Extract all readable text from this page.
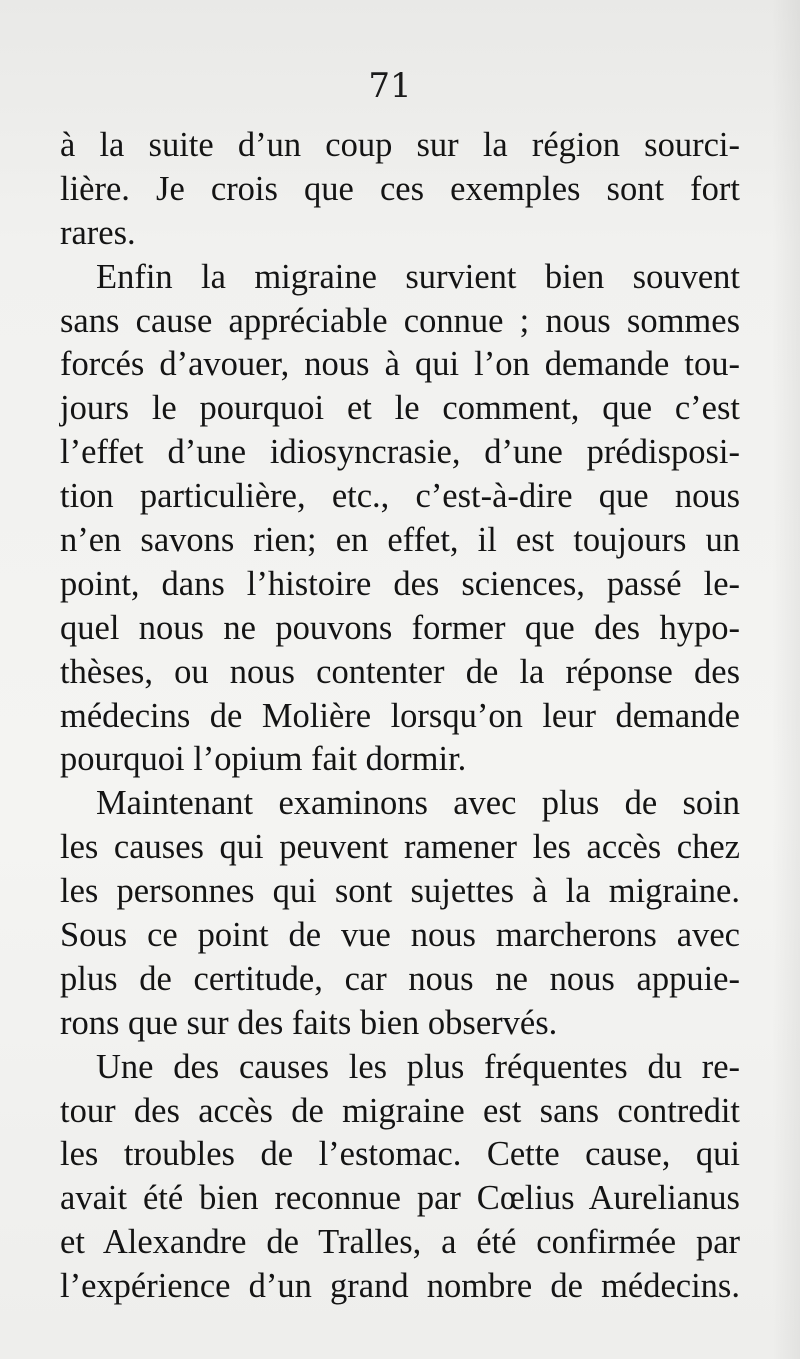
71
à la suite d’un coup sur la région sourci-
lière. Je crois que ces exemples sont fort
rares.
Enfin la migraine survient bien souvent
sans cause appréciable connue ; nous sommes
forcés d’avouer, nous à qui l’on demande tou-
jours le pourquoi et le comment, que c’est
l’effet d’une idiosyncrasie, d’une prédisposi-
tion particulière, etc., c’est-à-dire que nous
n’en savons rien; en effet, il est toujours un
point, dans l’histoire des sciences, passé le-
quel nous ne pouvons former que des hypo-
thèses, ou nous contenter de la réponse des
médecins de Molière lorsqu’on leur demande
pourquoi l’opium fait dormir.
Maintenant examinons avec plus de soin
les causes qui peuvent ramener les accès chez
les personnes qui sont sujettes à la migraine.
Sous ce point de vue nous marcherons avec
plus de certitude, car nous ne nous appuie-
rons que sur des faits bien observés.
Une des causes les plus fréquentes du re-
tour des accès de migraine est sans contredit
les troubles de l’estomac. Cette cause, qui
avait été bien reconnue par Cœlius Aurelianus
et Alexandre de Tralles, a été confirmée par
l’expérience d’un grand nombre de médecins.
